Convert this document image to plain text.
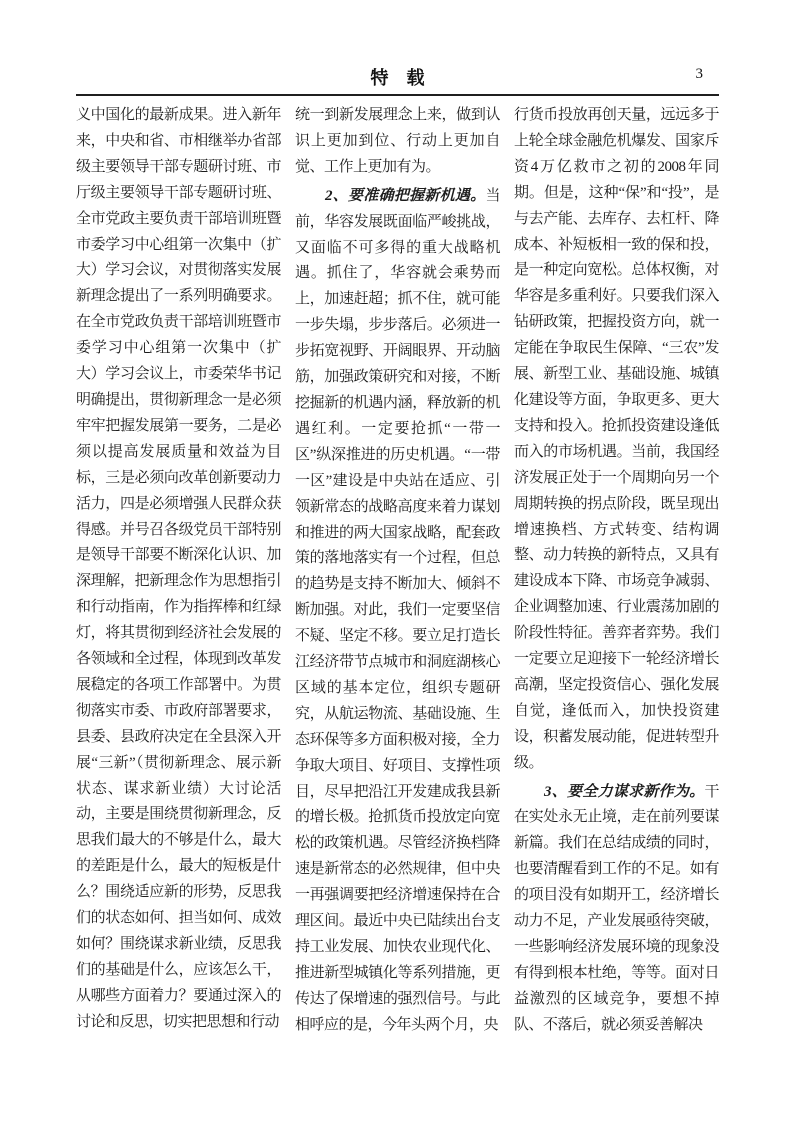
特　载	3

义中国化的最新成果。进入新年来，中央和省、市相继举办省部级主要领导干部专题研讨班、市厅级主要领导干部专题研讨班、全市党政主要负责干部培训班暨市委学习中心组第一次集中（扩大）学习会议，对贯彻落实发展新理念提出了一系列明确要求。在全市党政负责干部培训班暨市委学习中心组第一次集中（扩大）学习会议上，市委荣华书记明确提出，贯彻新理念一是必须牢牢把握发展第一要务，二是必须以提高发展质量和效益为目标，三是必须向改革创新要动力活力，四是必须增强人民群众获得感。并号召各级党员干部特别是领导干部要不断深化认识、加深理解，把新理念作为思想指引和行动指南，作为指挥棒和红绿灯，将其贯彻到经济社会发展的各领域和全过程，体现到改革发展稳定的各项工作部署中。为贯彻落实市委、市政府部署要求，县委、县政府决定在全县深入开展“三新”（贯彻新理念、展示新状态、谋求新业绩）大讨论活动，主要是围绕贯彻新理念，反思我们最大的不够是什么，最大的差距是什么，最大的短板是什么？围绕适应新的形势，反思我们的状态如何、担当如何、成效如何？围绕谋求新业绩，反思我们的基础是什么，应该怎么干，从哪些方面着力？要通过深入的讨论和反思，切实把思想和行动

统一到新发展理念上来，做到认识上更加到位、行动上更加自觉、工作上更加有为。

2、要准确把握新机遇。当前，华容发展既面临严峻挑战，又面临不可多得的重大战略机遇。抓住了，华容就会乘势而上，加速赶超；抓不住，就可能一步失塌，步步落后。必须进一步拓宽视野、开阔眼界、开动脑筋，加强政策研究和对接，不断挖掘新的机遇内涵，释放新的机遇红利。一定要抢抓“一带一区”纵深推进的历史机遇。“一带一区”建设是中央站在适应、引领新常态的战略高度来着力谋划和推进的两大国家战略，配套政策的落地落实有一个过程，但总的趋势是支持不断加大、倾斜不断加强。对此，我们一定要坚信不疑、坚定不移。要立足打造长江经济带节点城市和洞庭湖核心区域的基本定位，组织专题研究，从航运物流、基础设施、生态环保等多方面积极对接，全力争取大项目、好项目、支撑性项目，尽早把沿江开发建成我县新的增长极。抢抓货币投放定向宽松的政策机遇。尽管经济换档降速是新常态的必然规律，但中央一再强调要把经济增速保持在合理区间。最近中央已陆续出台支持工业发展、加快农业现代化、推进新型城镇化等系列措施，更传达了保增速的强烈信号。与此相呼应的是，今年头两个月，央

行货币投放再创天量，远远多于上轮全球金融危机爆发、国家斥资4万亿救市之初的2008年同期。但是，这种“保”和“投”，是与去产能、去库存、去杠杆、降成本、补短板相一致的保和投，是一种定向宽松。总体权衡，对华容是多重利好。只要我们深入钻研政策，把握投资方向，就一定能在争取民生保障、“三农”发展、新型工业、基础设施、城镇化建设等方面，争取更多、更大支持和投入。抢抓投资建设逢低而入的市场机遇。当前，我国经济发展正处于一个周期向另一个周期转换的拐点阶段，既呈现出增速换档、方式转变、结构调整、动力转换的新特点，又具有建设成本下降、市场竞争减弱、企业调整加速、行业震荡加剧的阶段性特征。善弈者弈势。我们一定要立足迎接下一轮经济增长高潮，坚定投资信心、强化发展自觉，逢低而入，加快投资建设，积蓄发展动能，促进转型升级。

3、要全力谋求新作为。干在实处永无止境，走在前列要谋新篇。我们在总结成绩的同时，也要清醒看到工作的不足。如有的项目没有如期开工，经济增长动力不足，产业发展亟待突破，一些影响经济发展环境的现象没有得到根本杜绝，等等。面对日益激烈的区域竞争，要想不掉队、不落后，就必须妥善解决
